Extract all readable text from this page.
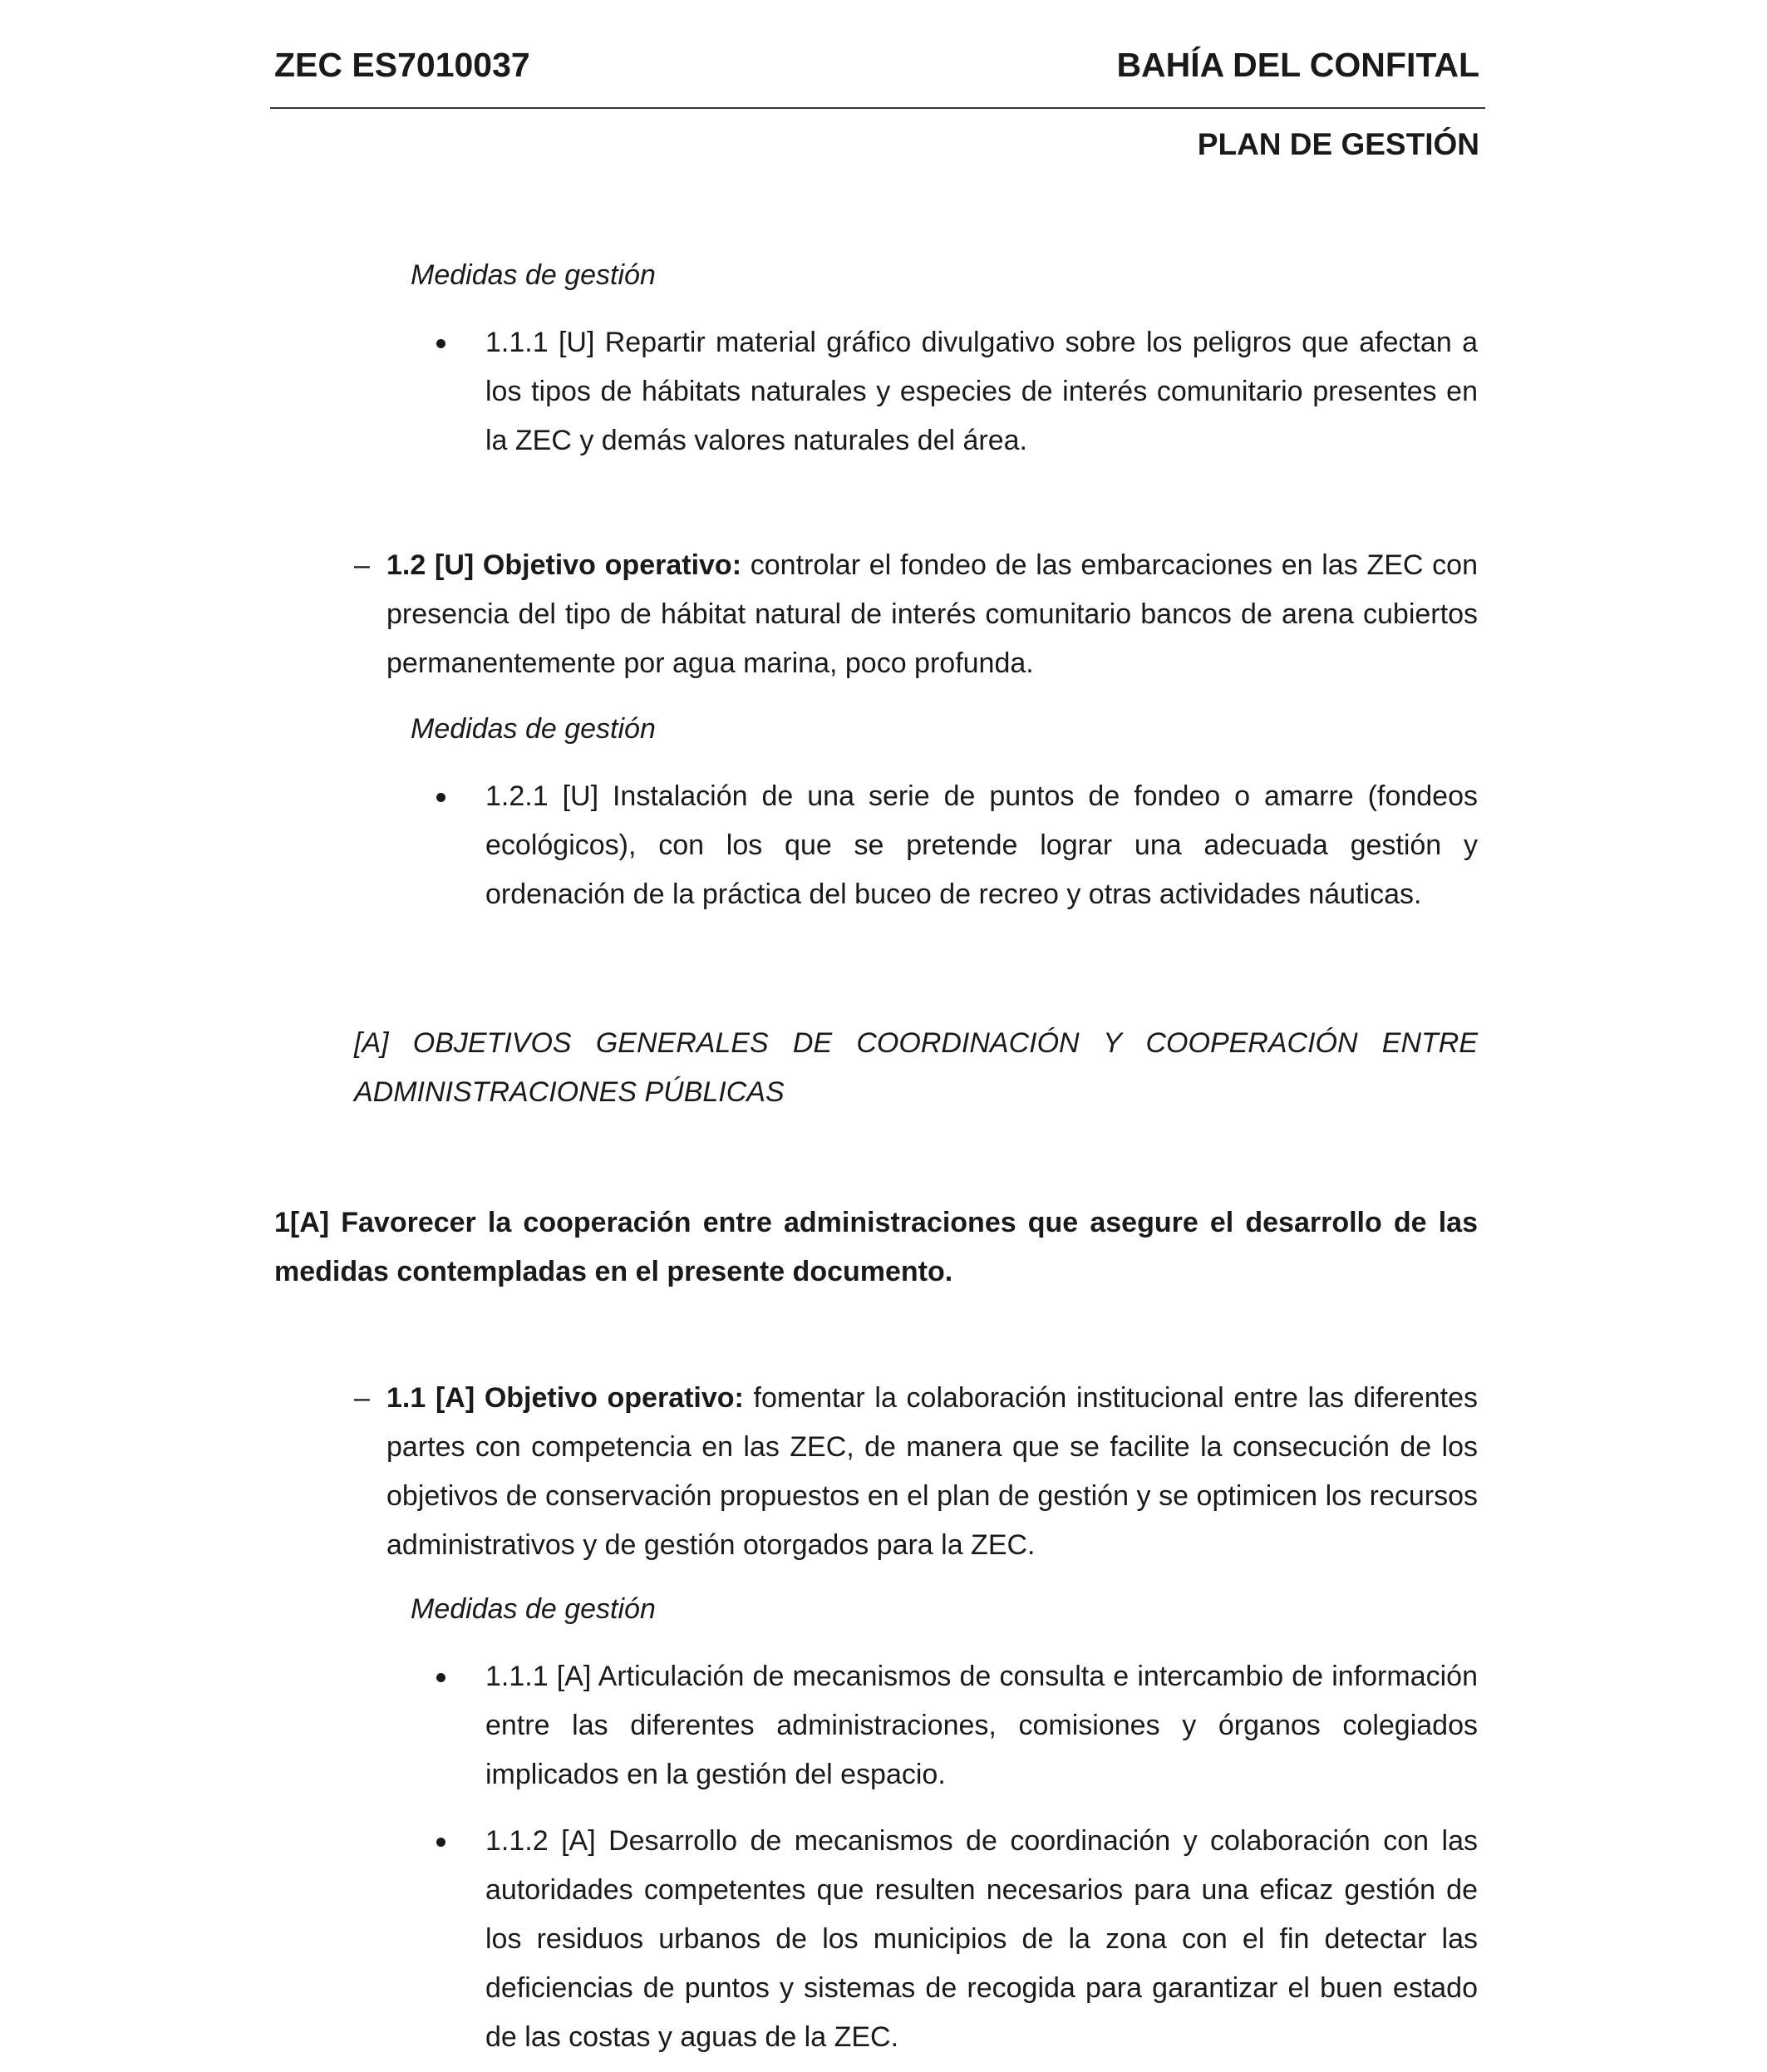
ZEC ES7010037	BAHÍA DEL CONFITAL
PLAN DE GESTIÓN
Medidas de gestión
1.1.1 [U] Repartir material gráfico divulgativo sobre los peligros que afectan a los tipos de hábitats naturales y especies de interés comunitario presentes en la ZEC y demás valores naturales del área.
– 1.2 [U] Objetivo operativo: controlar el fondeo de las embarcaciones en las ZEC con presencia del tipo de hábitat natural de interés comunitario bancos de arena cubiertos permanentemente por agua marina, poco profunda.
Medidas de gestión
1.2.1 [U] Instalación de una serie de puntos de fondeo o amarre (fondeos ecológicos), con los que se pretende lograr una adecuada gestión y ordenación de la práctica del buceo de recreo y otras actividades náuticas.
[A] OBJETIVOS GENERALES DE COORDINACIÓN Y COOPERACIÓN ENTRE ADMINISTRACIONES PÚBLICAS
1[A] Favorecer la cooperación entre administraciones que asegure el desarrollo de las medidas contempladas en el presente documento.
– 1.1 [A] Objetivo operativo: fomentar la colaboración institucional entre las diferentes partes con competencia en las ZEC, de manera que se facilite la consecución de los objetivos de conservación propuestos en el plan de gestión y se optimicen los recursos administrativos y de gestión otorgados para la ZEC.
Medidas de gestión
1.1.1 [A] Articulación de mecanismos de consulta e intercambio de información entre las diferentes administraciones, comisiones y órganos colegiados implicados en la gestión del espacio.
1.1.2 [A] Desarrollo de mecanismos de coordinación y colaboración con las autoridades competentes que resulten necesarios para una eficaz gestión de los residuos urbanos de los municipios de la zona con el fin detectar las deficiencias de puntos y sistemas de recogida para garantizar el buen estado de las costas y aguas de la ZEC.
